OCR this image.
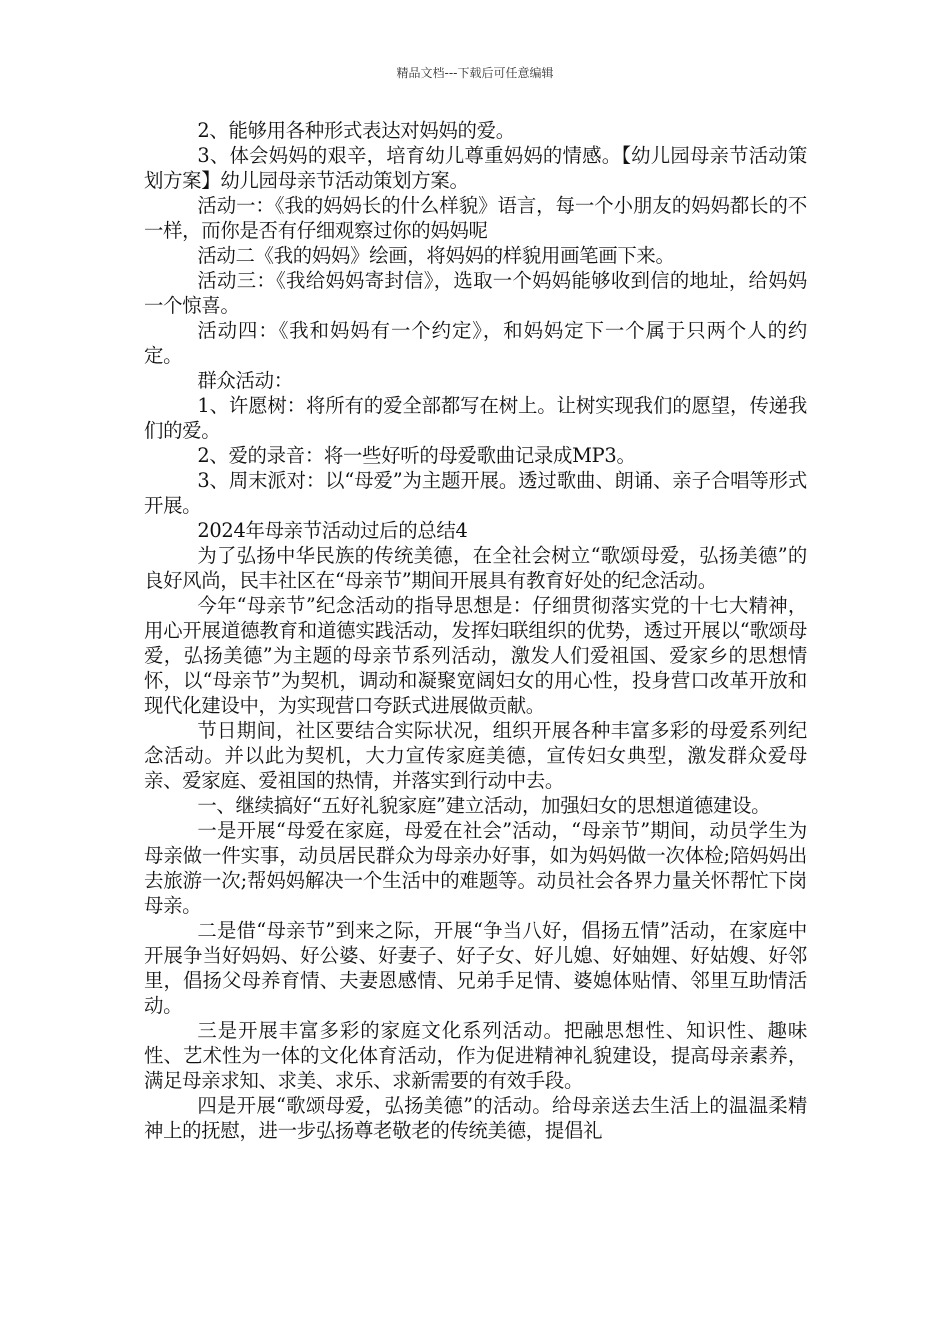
精品文档---下载后可任意编辑

2、能够用各种形式表达对妈妈的爱。

3、体会妈妈的艰辛，培育幼儿尊重妈妈的情感。【幼儿园母亲节活动策划方案】幼儿园母亲节活动策划方案。

活动一：《我的妈妈长的什么样貌》语言，每一个小朋友的妈妈都长的不一样，而你是否有仔细观察过你的妈妈呢

活动二《我的妈妈》绘画，将妈妈的样貌用画笔画下来。

活动三：《我给妈妈寄封信》，选取一个妈妈能够收到信的地址，给妈妈一个惊喜。

活动四：《我和妈妈有一个约定》，和妈妈定下一个属于只两个人的约定。

群众活动：

1、许愿树：将所有的爱全部都写在树上。让树实现我们的愿望，传递我们的爱。

2、爱的录音：将一些好听的母爱歌曲记录成MP3。

3、周末派对：以“母爱”为主题开展。透过歌曲、朗诵、亲子合唱等形式开展。

2024年母亲节活动过后的总结4

为了弘扬中华民族的传统美德，在全社会树立“歌颂母爱，弘扬美德”的良好风尚，民丰社区在“母亲节”期间开展具有教育好处的纪念活动。

今年“母亲节”纪念活动的指导思想是：仔细贯彻落实党的十七大精神，用心开展道德教育和道德实践活动，发挥妇联组织的优势，透过开展以“歌颂母爱，弘扬美德”为主题的母亲节系列活动，激发人们爱祖国、爱家乡的思想情怀，以“母亲节”为契机，调动和凝聚宽阔妇女的用心性，投身营口改革开放和现代化建设中，为实现营口夸跃式进展做贡献。

节日期间，社区要结合实际状况，组织开展各种丰富多彩的母爱系列纪念活动。并以此为契机，大力宣传家庭美德，宣传妇女典型，激发群众爱母亲、爱家庭、爱祖国的热情，并落实到行动中去。

一、继续搞好“五好礼貌家庭”建立活动，加强妇女的思想道德建设。

一是开展“母爱在家庭，母爱在社会”活动，“母亲节”期间，动员学生为母亲做一件实事，动员居民群众为母亲办好事，如为妈妈做一次体检;陪妈妈出去旅游一次;帮妈妈解决一个生活中的难题等。动员社会各界力量关怀帮忙下岗母亲。

二是借“母亲节”到来之际，开展“争当八好，倡扬五情”活动，在家庭中开展争当好妈妈、好公婆、好妻子、好子女、好儿媳、好妯娌、好姑嫂、好邻里，倡扬父母养育情、夫妻恩感情、兄弟手足情、婆媳体贴情、邻里互助情活动。

三是开展丰富多彩的家庭文化系列活动。把融思想性、知识性、趣味性、艺术性为一体的文化体育活动，作为促进精神礼貌建设，提高母亲素养，满足母亲求知、求美、求乐、求新需要的有效手段。

四是开展“歌颂母爱，弘扬美德”的活动。给母亲送去生活上的温温柔精神上的抚慰，进一步弘扬尊老敬老的传统美德，提倡礼
